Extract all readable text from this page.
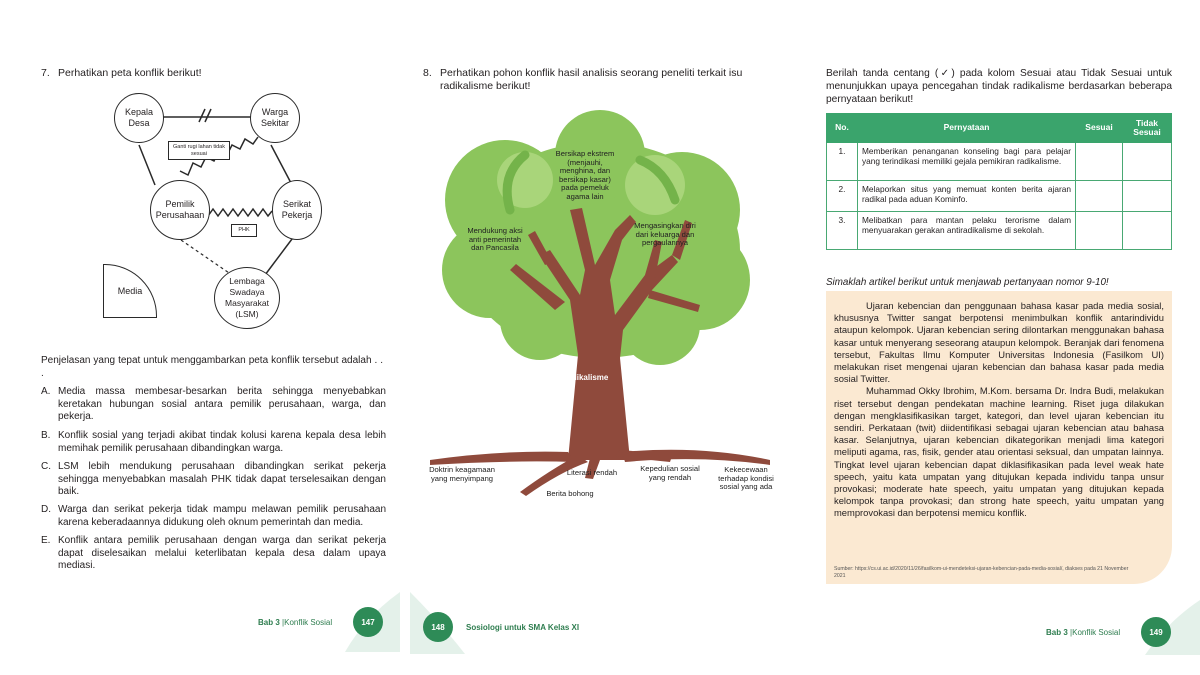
7. Perhatikan peta konflik berikut!
Kepala Desa
Warga Sekitar
Pemilik Perusahaan
Serikat Pekerja
Lembaga Swadaya Masyarakat (LSM)
Media
Ganti rugi lahan tidak sesuai
PHK
Penjelasan yang tepat untuk menggambarkan peta konflik tersebut adalah . . .
A. Media massa membesar-besarkan berita sehingga menyebabkan keretakan hubungan sosial antara pemilik perusahaan, warga, dan pekerja.
B. Konflik sosial yang terjadi akibat tindak kolusi karena kepala desa lebih memihak pemilik perusahaan dibandingkan warga.
C. LSM lebih mendukung perusahaan dibandingkan serikat pekerja sehingga menyebabkan masalah PHK tidak dapat terselesaikan dengan baik.
D. Warga dan serikat pekerja tidak mampu melawan pemilik perusahaan karena keberadaannya didukung oleh oknum pemerintah dan media.
E. Konflik antara pemilik perusahaan dengan warga dan serikat pekerja dapat diselesaikan melalui keterlibatan kepala desa dalam upaya mediasi.
Bab 3 |Konflik Sosial	147
8. Perhatikan pohon konflik hasil analisis seorang peneliti terkait isu radikalisme berikut!
Bersikap ekstrem (menjauhi, menghina, dan bersikap kasar) pada pemeluk agama lain
Mendukung aksi anti pemerintah dan Pancasila
Mengasingkan diri dari keluarga dan pergaulannya
Radikalisme
Doktrin keagamaan yang menyimpang
Literasi rendah
Berita bohong
Kepedulian sosial yang rendah
Kekecewaan terhadap kondisi sosial yang ada
148	Sosiologi untuk SMA Kelas XI
Berilah tanda centang (✓) pada kolom Sesuai atau Tidak Sesuai untuk menunjukkan upaya pencegahan tindak radikalisme berdasarkan beberapa pernyataan berikut!
No.	Pernyataan	Sesuai	Tidak Sesuai
1.	Memberikan penanganan konseling bagi para pelajar yang terindikasi memiliki gejala pemikiran radikalisme.		
2.	Melaporkan situs yang memuat konten berita ajaran radikal pada aduan Kominfo.		
3.	Melibatkan para mantan pelaku terorisme dalam menyuarakan gerakan antiradikalisme di sekolah.		
Simaklah artikel berikut untuk menjawab pertanyaan nomor 9-10!

Ujaran kebencian dan penggunaan bahasa kasar pada media sosial, khususnya Twitter sangat berpotensi menimbulkan konflik antarindividu ataupun kelompok. Ujaran kebencian sering dilontarkan menggunakan bahasa kasar untuk menyerang seseorang ataupun kelompok. Beranjak dari fenomena tersebut, Fakultas Ilmu Komputer Universitas Indonesia (Fasilkom UI) melakukan riset mengenai ujaran kebencian dan bahasa kasar pada media sosial Twitter.

Muhammad Okky Ibrohim, M.Kom. bersama Dr. Indra Budi, melakukan riset tersebut dengan pendekatan machine learning. Riset juga dilakukan dengan mengklasifikasikan target, kategori, dan level ujaran kebencian itu sendiri. Perkataan (twit) diidentifikasi sebagai ujaran kebencian atau bahasa kasar. Selanjutnya, ujaran kebencian dikategorikan menjadi lima kategori meliputi agama, ras, fisik, gender atau orientasi seksual, dan umpatan lainnya. Tingkat level ujaran kebencian dapat diklasifikasikan pada level weak hate speech, yaitu kata umpatan yang ditujukan kepada individu tanpa unsur provokasi; moderate hate speech, yaitu umpatan yang ditujukan kepada kelompok tanpa provokasi; dan strong hate speech, yaitu umpatan yang memprovokasi dan berpotensi memicu konflik.

Sumber: https://cs.ui.ac.id/2020/11/26/fasilkom-ui-mendeteksi-ujaran-kebencian-pada-media-sosial/, diakses pada 21 November 2021
Bab 3 |Konflik Sosial	149
